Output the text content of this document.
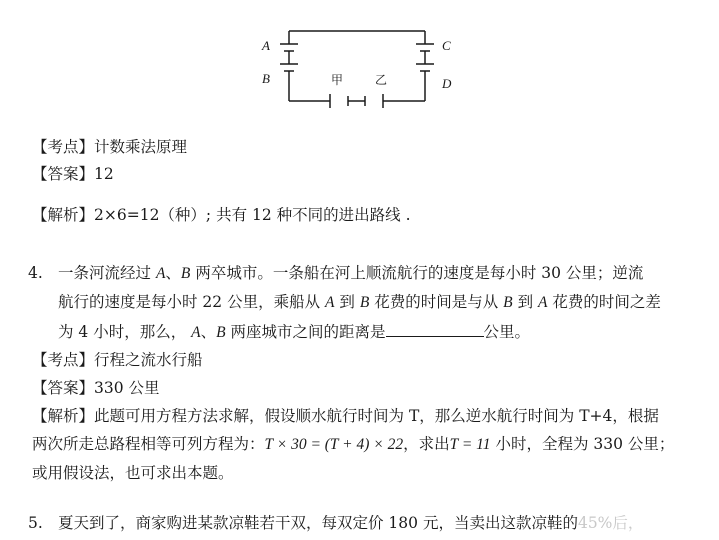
A
B
C
D
甲	乙
【考点】计数乘法原理
【答案】12
【解析】2×6=12（种）; 共有 12 种不同的进出路线 .
4. 一条河流经过 A、B 两卒城市。一条船在河上顺流航行的速度是每小时 30 公里；逆流
航行的速度是每小时 22 公里，乘船从 A 到 B 花费的时间是与从 B 到 A 花费的时间之差
为 4 小时，那么， A、B 两座城市之间的距离是	公里。
【考点】行程之流水行船
【答案】330 公里
【解析】此题可用方程方法求解，假设顺水航行时间为 T，那么逆水航行时间为 T+4，根据
两次所走总路程相等可列方程为：T × 30 = (T + 4) × 22，求出T = 11 小时，全程为 330 公里；
或用假设法，也可求出本题。
5. 夏天到了，商家购进某款凉鞋若干双，每双定价 180 元，当卖出这款凉鞋的45%后，
